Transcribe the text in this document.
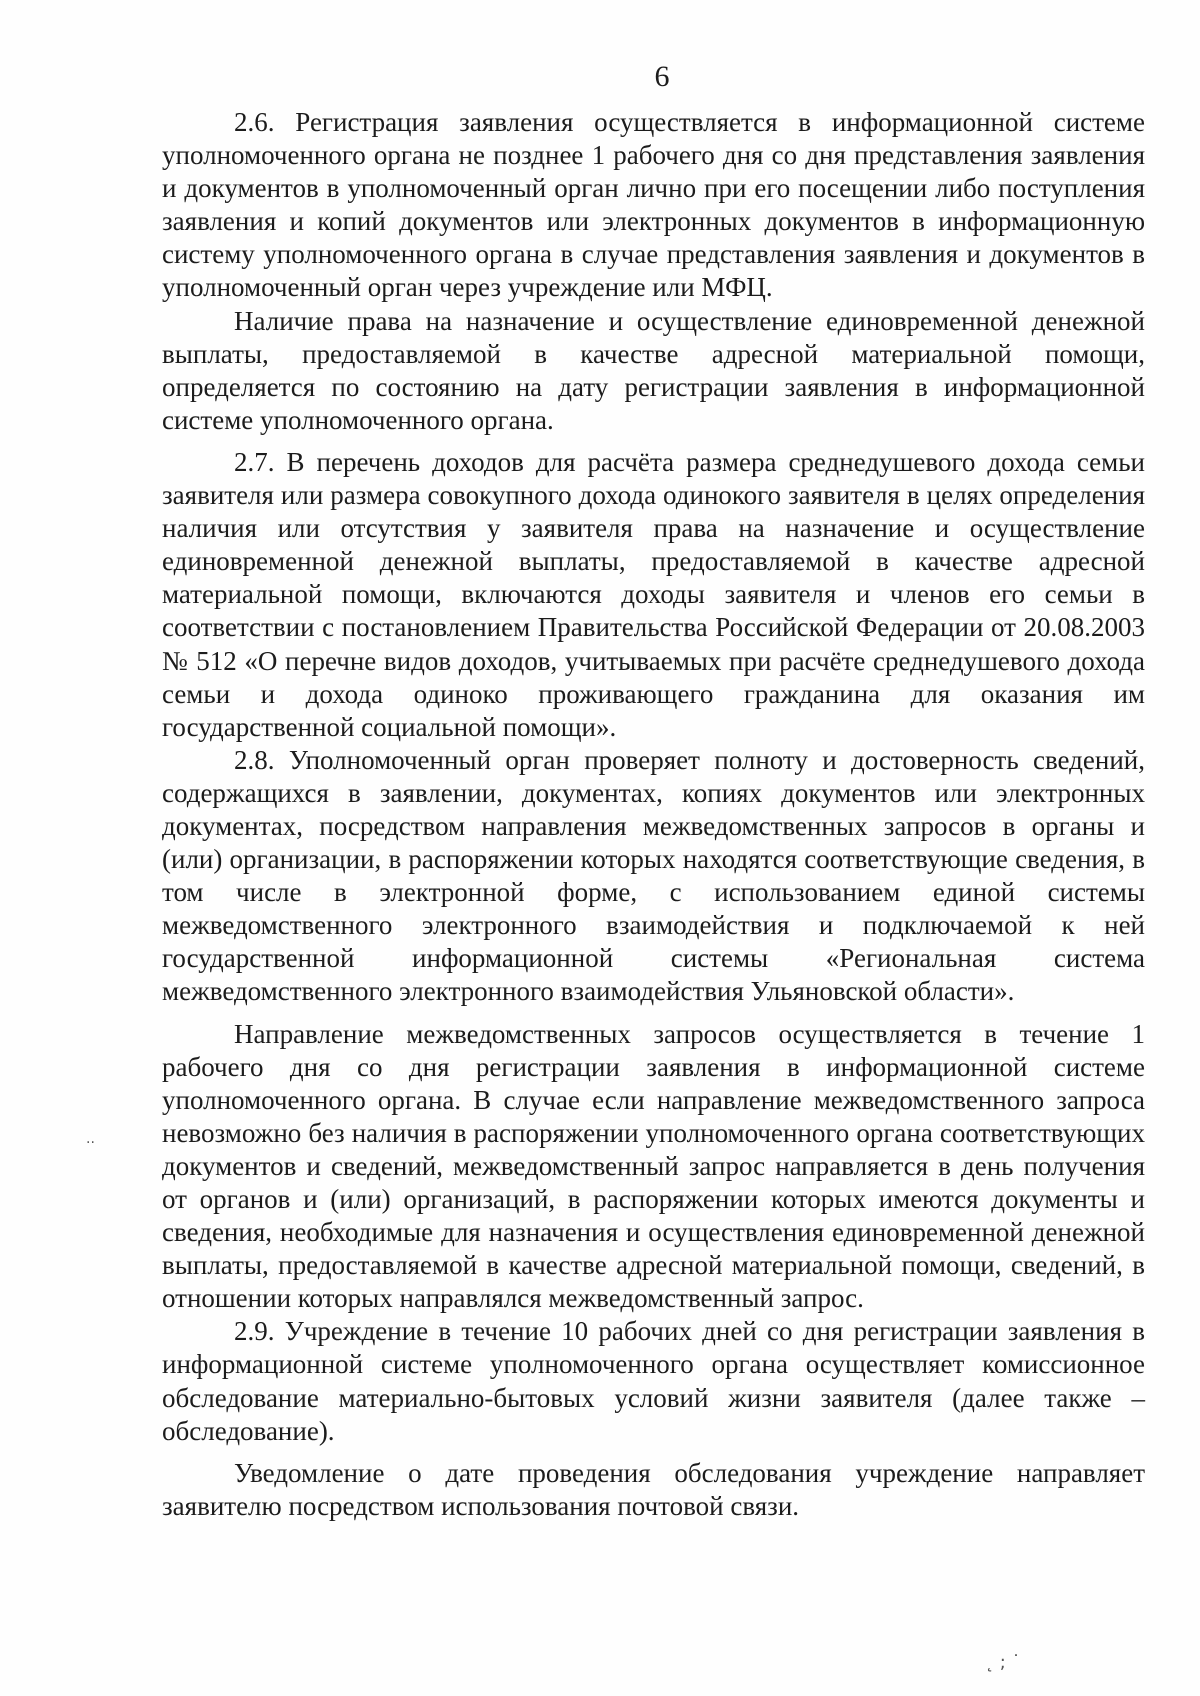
6

2.6. Регистрация заявления осуществляется в информационной системе уполномоченного органа не позднее 1 рабочего дня со дня представления заявления и документов в уполномоченный орган лично при его посещении либо поступления заявления и копий документов или электронных документов в информационную систему уполномоченного органа в случае представления заявления и документов в уполномоченный орган через учреждение или МФЦ.

Наличие права на назначение и осуществление единовременной денежной выплаты, предоставляемой в качестве адресной материальной помощи, определяется по состоянию на дату регистрации заявления в информационной системе уполномоченного органа.

2.7. В перечень доходов для расчёта размера среднедушевого дохода семьи заявителя или размера совокупного дохода одинокого заявителя в целях определения наличия или отсутствия у заявителя права на назначение и осуществление единовременной денежной выплаты, предоставляемой в качестве адресной материальной помощи, включаются доходы заявителя и членов его семьи в соответствии с постановлением Правительства Российской Федерации от 20.08.2003 № 512 «О перечне видов доходов, учитываемых при расчёте среднедушевого дохода семьи и дохода одиноко проживающего гражданина для оказания им государственной социальной помощи».

2.8. Уполномоченный орган проверяет полноту и достоверность сведений, содержащихся в заявлении, документах, копиях документов или электронных документах, посредством направления межведомственных запросов в органы и (или) организации, в распоряжении которых находятся соответствующие сведения, в том числе в электронной форме, с использованием единой системы межведомственного электронного взаимодействия и подключаемой к ней государственной информационной системы «Региональная система межведомственного электронного взаимодействия Ульяновской области».

Направление межведомственных запросов осуществляется в течение 1 рабочего дня со дня регистрации заявления в информационной системе уполномоченного органа. В случае если направление межведомственного запроса невозможно без наличия в распоряжении уполномоченного органа соответствующих документов и сведений, межведомственный запрос направляется в день получения от органов и (или) организаций, в распоряжении которых имеются документы и сведения, необходимые для назначения и осуществления единовременной денежной выплаты, предоставляемой в качестве адресной материальной помощи, сведений, в отношении которых направлялся межведомственный запрос.

2.9. Учреждение в течение 10 рабочих дней со дня регистрации заявления в информационной системе уполномоченного органа осуществляет комиссионное обследование материально-бытовых условий жизни заявителя (далее также – обследование).

Уведомление о дате проведения обследования учреждение направляет заявителю посредством использования почтовой связи.

··
˛ ; ˙
